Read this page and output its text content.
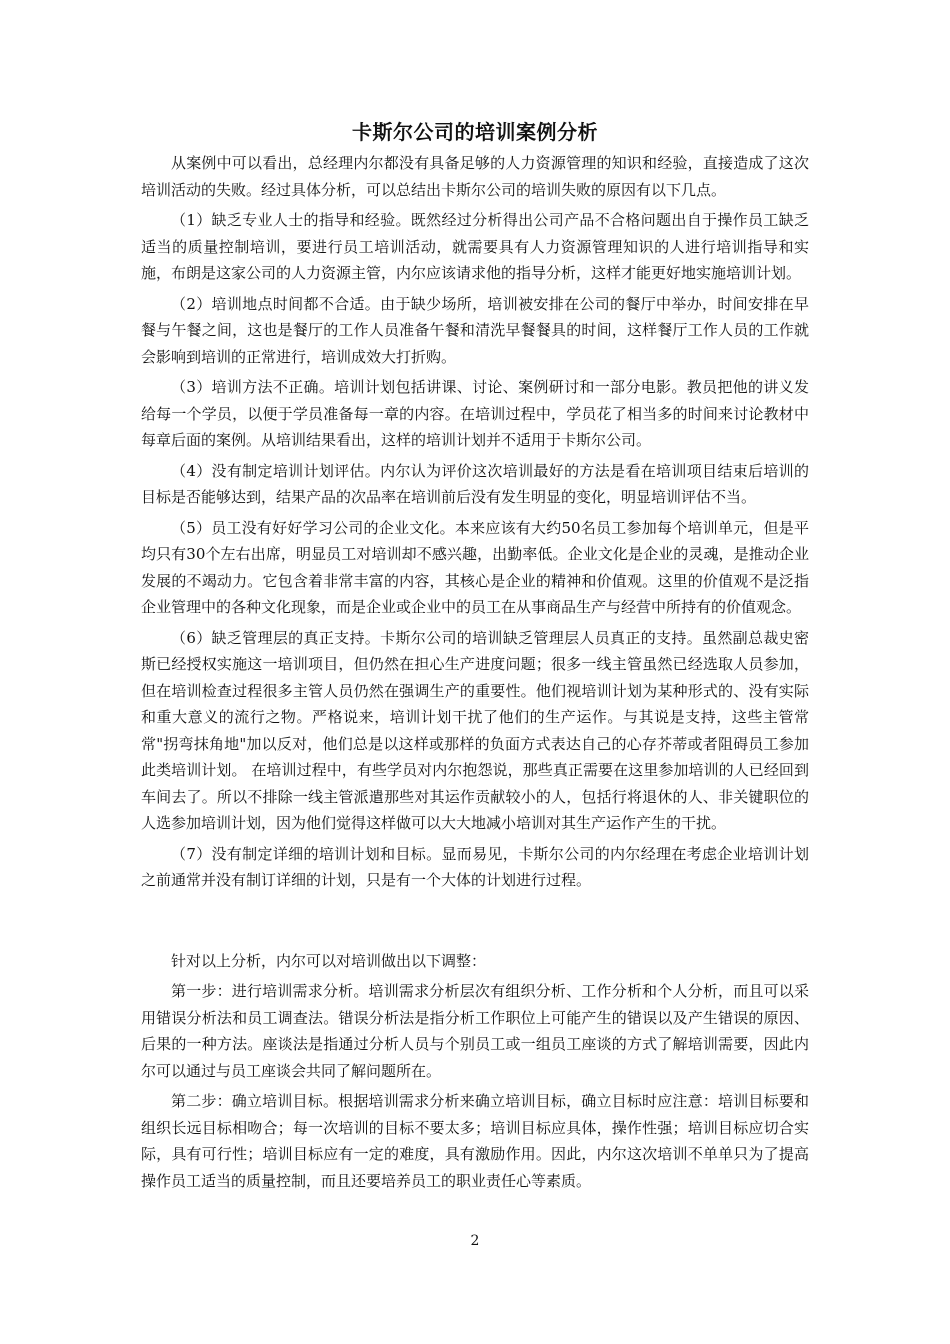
卡斯尔公司的培训案例分析

从案例中可以看出，总经理内尔都没有具备足够的人力资源管理的知识和经验，直接造成了这次培训活动的失败。经过具体分析，可以总结出卡斯尔公司的培训失败的原因有以下几点。

（1）缺乏专业人士的指导和经验。既然经过分析得出公司产品不合格问题出自于操作员工缺乏适当的质量控制培训，要进行员工培训活动，就需要具有人力资源管理知识的人进行培训指导和实施，布朗是这家公司的人力资源主管，内尔应该请求他的指导分析，这样才能更好地实施培训计划。

（2）培训地点时间都不合适。由于缺少场所，培训被安排在公司的餐厅中举办，时间安排在早餐与午餐之间，这也是餐厅的工作人员准备午餐和清洗早餐餐具的时间，这样餐厅工作人员的工作就会影响到培训的正常进行，培训成效大打折购。

（3）培训方法不正确。培训计划包括讲课、讨论、案例研讨和一部分电影。教员把他的讲义发给每一个学员，以便于学员准备每一章的内容。在培训过程中，学员花了相当多的时间来讨论教材中每章后面的案例。从培训结果看出，这样的培训计划并不适用于卡斯尔公司。

（4）没有制定培训计划评估。内尔认为评价这次培训最好的方法是看在培训项目结束后培训的目标是否能够达到，结果产品的次品率在培训前后没有发生明显的变化，明显培训评估不当。

（5）员工没有好好学习公司的企业文化。本来应该有大约50名员工参加每个培训单元，但是平均只有30个左右出席，明显员工对培训却不感兴趣，出勤率低。企业文化是企业的灵魂，是推动企业发展的不竭动力。它包含着非常丰富的内容，其核心是企业的精神和价值观。这里的价值观不是泛指企业管理中的各种文化现象，而是企业或企业中的员工在从事商品生产与经营中所持有的价值观念。

（6）缺乏管理层的真正支持。卡斯尔公司的培训缺乏管理层人员真正的支持。虽然副总裁史密斯已经授权实施这一培训项目，但仍然在担心生产进度问题；很多一线主管虽然已经选取人员参加，但在培训检查过程很多主管人员仍然在强调生产的重要性。他们视培训计划为某种形式的、没有实际和重大意义的流行之物。严格说来，培训计划干扰了他们的生产运作。与其说是支持，这些主管常常"拐弯抹角地"加以反对，他们总是以这样或那样的负面方式表达自己的心存芥蒂或者阻碍员工参加此类培训计划。 在培训过程中，有些学员对内尔抱怨说，那些真正需要在这里参加培训的人已经回到车间去了。所以不排除一线主管派遣那些对其运作贡献较小的人，包括行将退休的人、非关键职位的人选参加培训计划，因为他们觉得这样做可以大大地减小培训对其生产运作产生的干扰。

（7）没有制定详细的培训计划和目标。显而易见，卡斯尔公司的内尔经理在考虑企业培训计划之前通常并没有制订详细的计划，只是有一个大体的计划进行过程。

针对以上分析，内尔可以对培训做出以下调整：

第一步：进行培训需求分析。培训需求分析层次有组织分析、工作分析和个人分析，而且可以采用错误分析法和员工调查法。错误分析法是指分析工作职位上可能产生的错误以及产生错误的原因、后果的一种方法。座谈法是指通过分析人员与个别员工或一组员工座谈的方式了解培训需要，因此内尔可以通过与员工座谈会共同了解问题所在。

第二步：确立培训目标。根据培训需求分析来确立培训目标，确立目标时应注意：培训目标要和组织长远目标相吻合；每一次培训的目标不要太多；培训目标应具体，操作性强；培训目标应切合实际，具有可行性；培训目标应有一定的难度，具有激励作用。因此，内尔这次培训不单单只为了提高操作员工适当的质量控制，而且还要培养员工的职业责任心等素质。

2
